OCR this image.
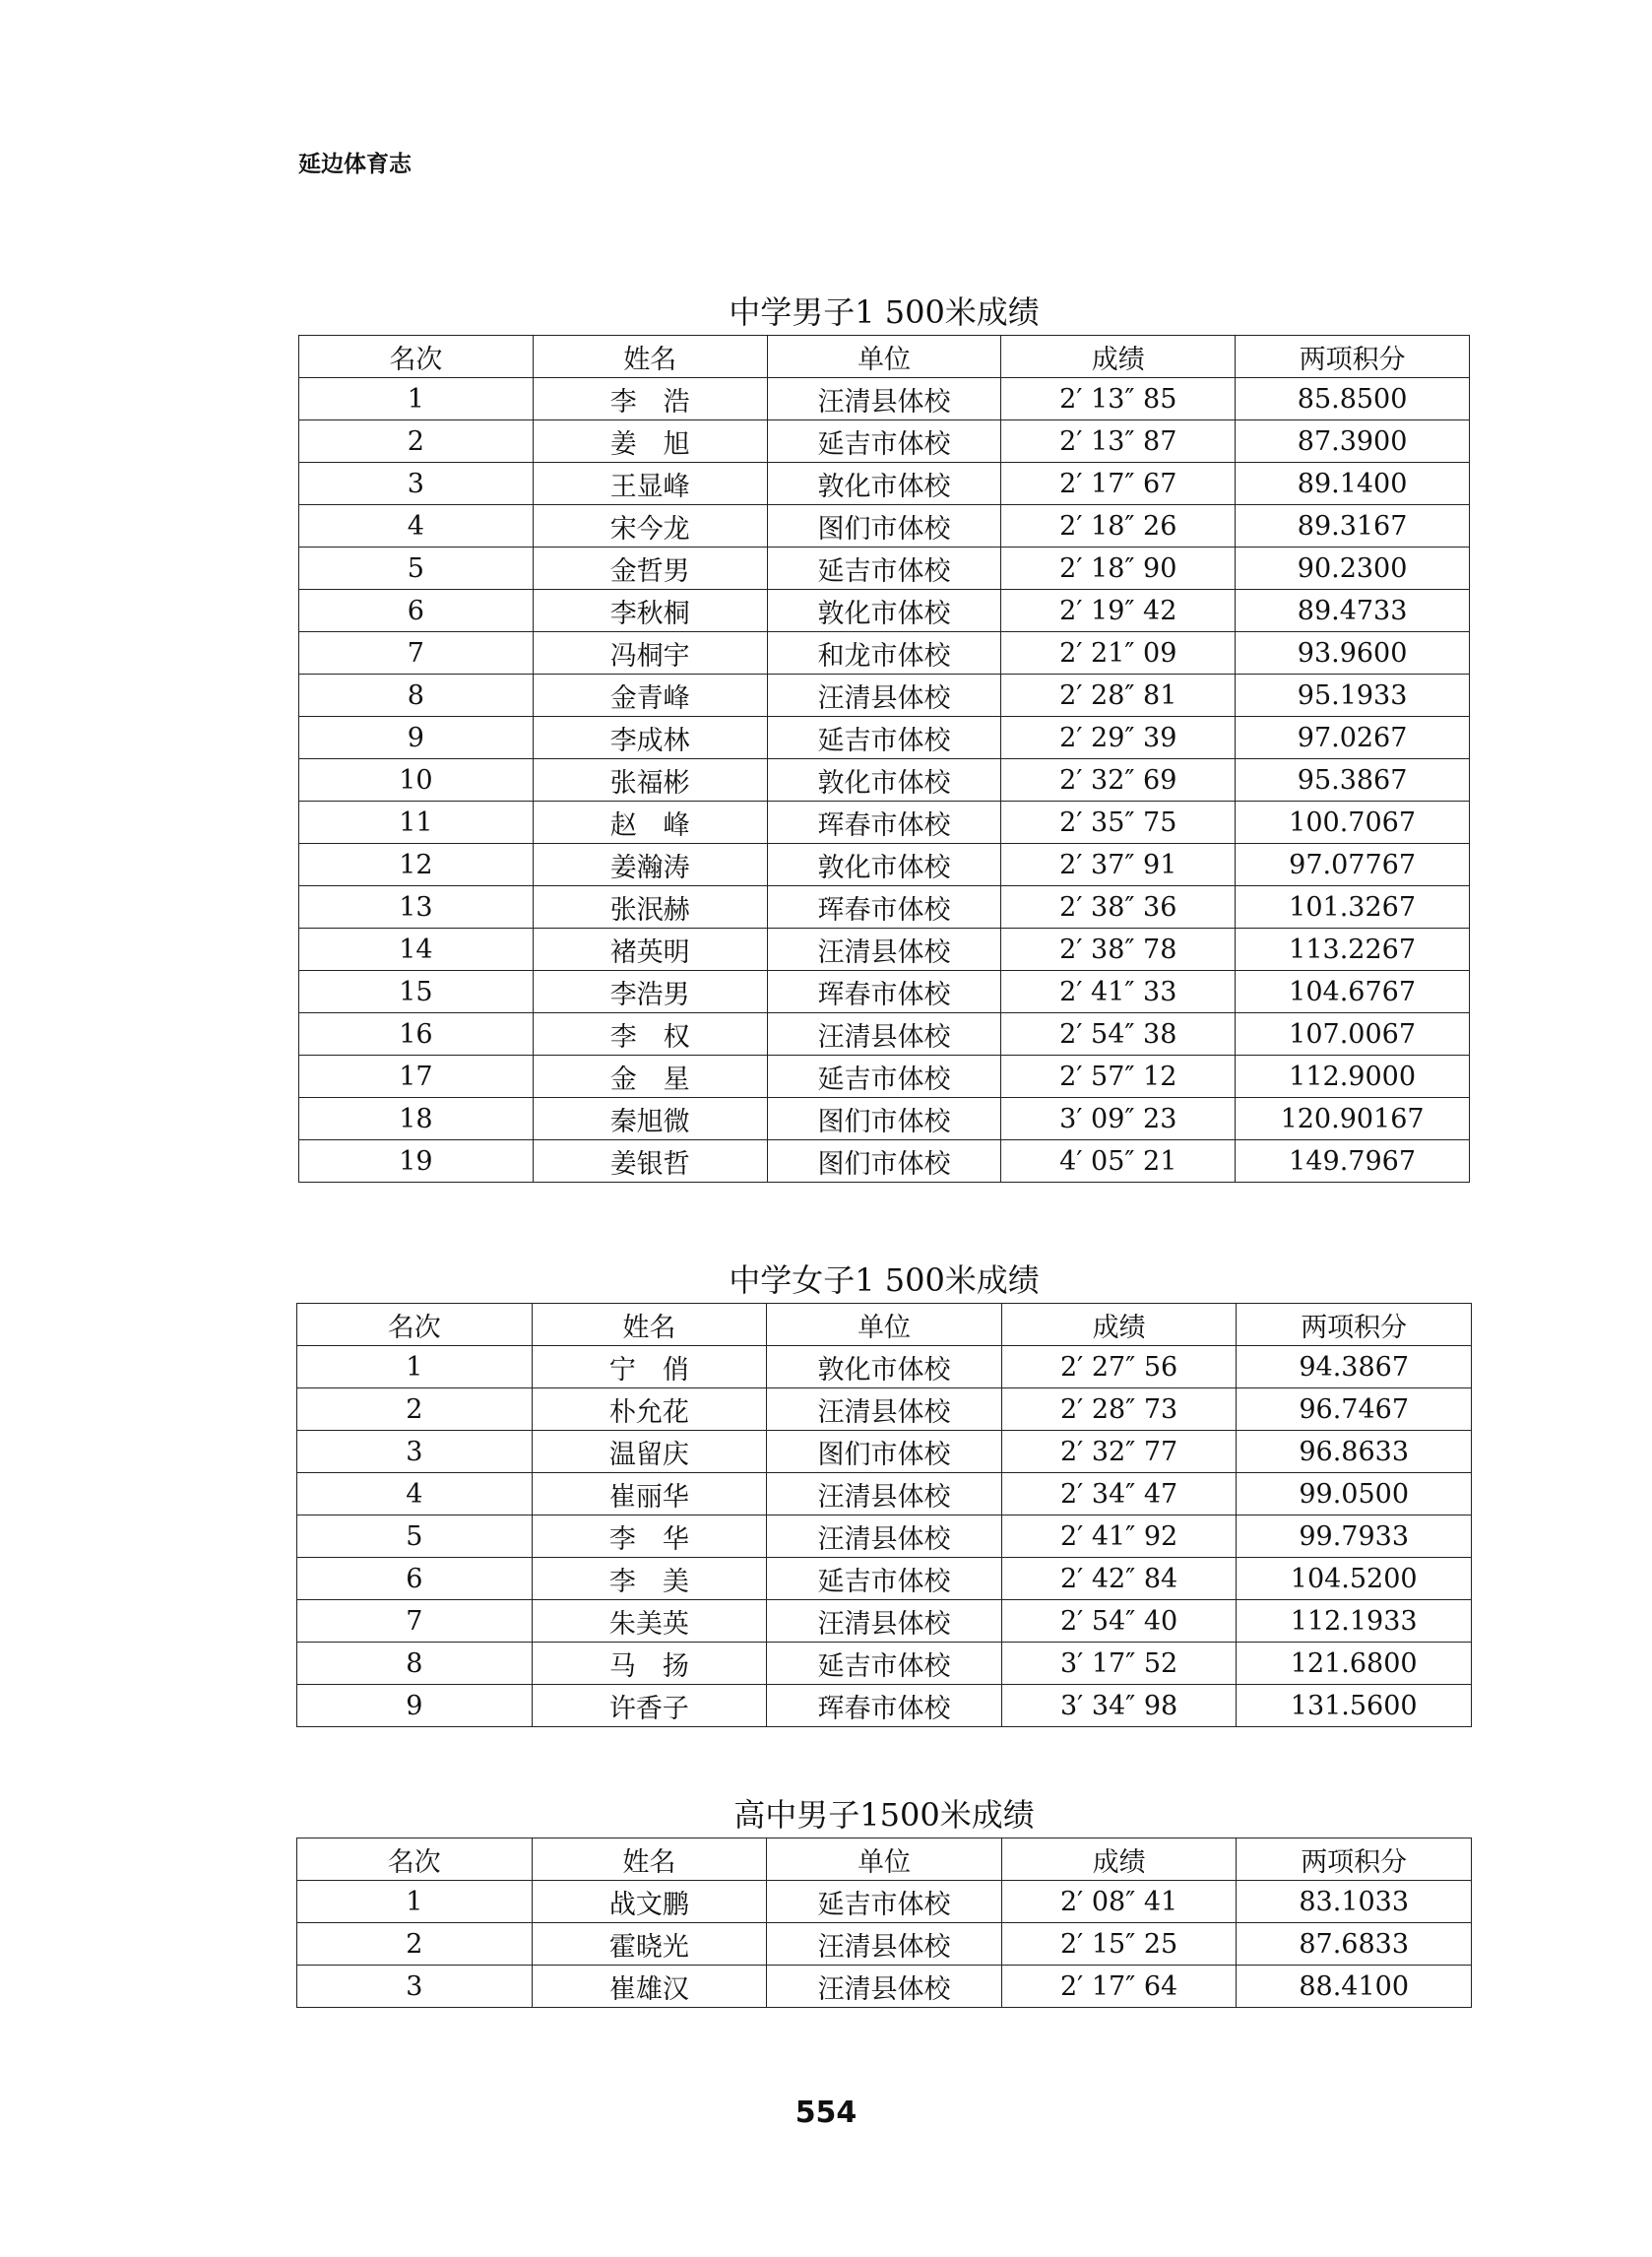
延边体育志
中学男子1 500米成绩
名次	姓名	单位	成绩	两项积分
1	李　浩	汪清县体校	2′ 13″ 85	85.8500
2	姜　旭	延吉市体校	2′ 13″ 87	87.3900
3	王显峰	敦化市体校	2′ 17″ 67	89.1400
4	宋今龙	图们市体校	2′ 18″ 26	89.3167
5	金哲男	延吉市体校	2′ 18″ 90	90.2300
6	李秋桐	敦化市体校	2′ 19″ 42	89.4733
7	冯桐宇	和龙市体校	2′ 21″ 09	93.9600
8	金青峰	汪清县体校	2′ 28″ 81	95.1933
9	李成林	延吉市体校	2′ 29″ 39	97.0267
10	张福彬	敦化市体校	2′ 32″ 69	95.3867
11	赵　峰	珲春市体校	2′ 35″ 75	100.7067
12	姜瀚涛	敦化市体校	2′ 37″ 91	97.07767
13	张泯赫	珲春市体校	2′ 38″ 36	101.3267
14	褚英明	汪清县体校	2′ 38″ 78	113.2267
15	李浩男	珲春市体校	2′ 41″ 33	104.6767
16	李　权	汪清县体校	2′ 54″ 38	107.0067
17	金　星	延吉市体校	2′ 57″ 12	112.9000
18	秦旭微	图们市体校	3′ 09″ 23	120.90167
19	姜银哲	图们市体校	4′ 05″ 21	149.7967
中学女子1 500米成绩
名次	姓名	单位	成绩	两项积分
1	宁　俏	敦化市体校	2′ 27″ 56	94.3867
2	朴允花	汪清县体校	2′ 28″ 73	96.7467
3	温留庆	图们市体校	2′ 32″ 77	96.8633
4	崔丽华	汪清县体校	2′ 34″ 47	99.0500
5	李　华	汪清县体校	2′ 41″ 92	99.7933
6	李　美	延吉市体校	2′ 42″ 84	104.5200
7	朱美英	汪清县体校	2′ 54″ 40	112.1933
8	马　扬	延吉市体校	3′ 17″ 52	121.6800
9	许香子	珲春市体校	3′ 34″ 98	131.5600
高中男子1500米成绩
名次	姓名	单位	成绩	两项积分
1	战文鹏	延吉市体校	2′ 08″ 41	83.1033
2	霍晓光	汪清县体校	2′ 15″ 25	87.6833
3	崔雄汉	汪清县体校	2′ 17″ 64	88.4100
554
